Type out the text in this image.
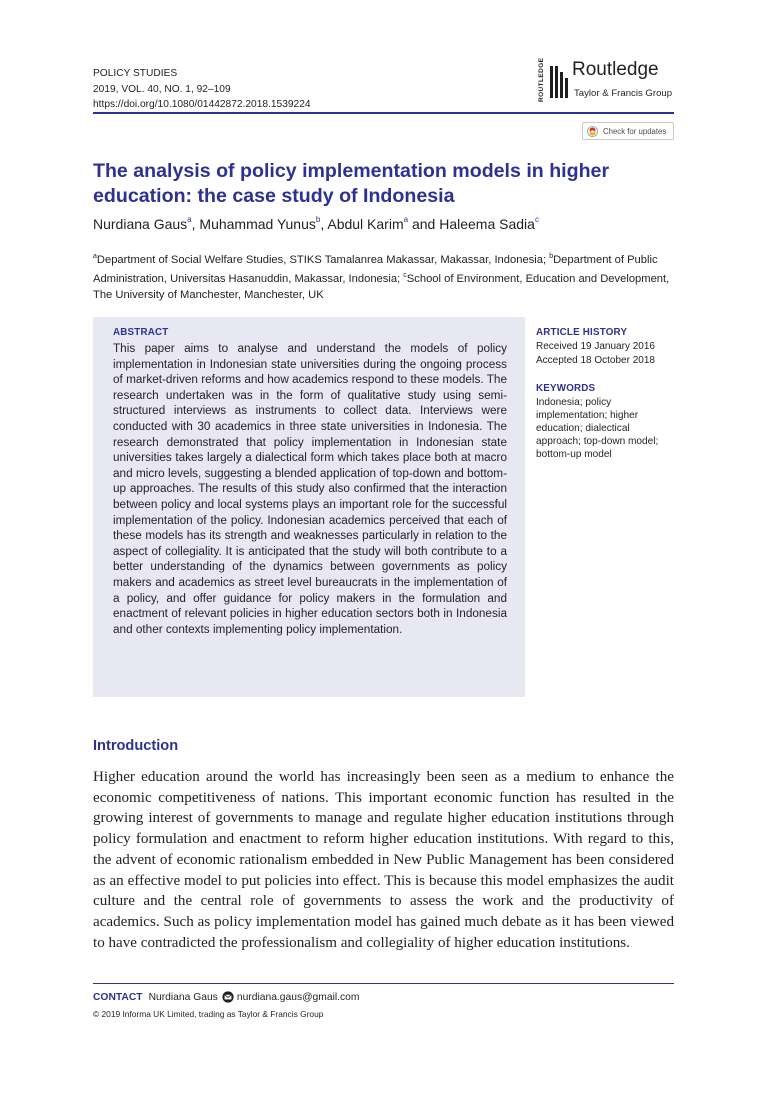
POLICY STUDIES
2019, VOL. 40, NO. 1, 92–109
https://doi.org/10.1080/01442872.2018.1539224
ROUTLEDGE Routledge
Taylor & Francis Group
Check for updates
The analysis of policy implementation models in higher education: the case study of Indonesia
Nurdiana Gaus$^a$, Muhammad Yunus$^b$, Abdul Karim$^a$ and Haleema Sadia$^c$
$^a$Department of Social Welfare Studies, STIKS Tamalanrea Makassar, Makassar, Indonesia; $^b$Department of Public Administration, Universitas Hasanuddin, Makassar, Indonesia; $^c$School of Environment, Education and Development, The University of Manchester, Manchester, UK
ABSTRACT
This paper aims to analyse and understand the models of policy implementation in Indonesian state universities during the ongoing process of market-driven reforms and how academics respond to these models. The research undertaken was in the form of qualitative study using semi-structured interviews as instruments to collect data. Interviews were conducted with 30 academics in three state universities in Indonesia. The research demonstrated that policy implementation in Indonesian state universities takes largely a dialectical form which takes place both at macro and micro levels, suggesting a blended application of top-down and bottom-up approaches. The results of this study also confirmed that the interaction between policy and local systems plays an important role for the successful implementation of the policy. Indonesian academics perceived that each of these models has its strength and weaknesses particularly in relation to the aspect of collegiality. It is anticipated that the study will both contribute to a better understanding of the dynamics between governments as policy makers and academics as street level bureaucrats in the implementation of a policy, and offer guidance for policy makers in the formulation and enactment of relevant policies in higher education sectors both in Indonesia and other contexts implementing policy implementation.
ARTICLE HISTORY
Received 19 January 2016
Accepted 18 October 2018
KEYWORDS
Indonesia; policy implementation; higher education; dialectical approach; top-down model; bottom-up model
Introduction
Higher education around the world has increasingly been seen as a medium to enhance the economic competitiveness of nations. This important economic function has resulted in the growing interest of governments to manage and regulate higher education institutions through policy formulation and enactment to reform higher education institutions. With regard to this, the advent of economic rationalism embedded in New Public Management has been considered as an effective model to put policies into effect. This is because this model emphasizes the audit culture and the central role of governments to assess the work and the productivity of academics. Such as policy implementation model has gained much debate as it has been viewed to have contradicted the professionalism and collegiality of higher education institutions.
CONTACT Nurdiana Gaus nurdiana.gaus@gmail.com
© 2019 Informa UK Limited, trading as Taylor & Francis Group
